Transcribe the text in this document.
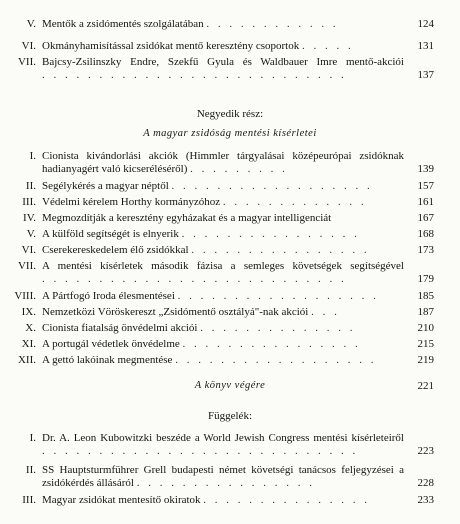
V. Mentők a zsidómentés szolgálatában . . . . . . . . . . . .	124
VI. Okmányhamisítással zsidókat mentő keresztény csoportok . . . . .	131
VII. Bajcsy-Zsilinszky Endre, Szekfű Gyula és Waldbauer Imre mentő-akciói . . . . . . . . . . . . . . . . . . . . . . . . . . .	137
Negyedik rész:
A magyar zsidóság mentési kísérletei
I. Cionista kivándorlási akciók (Himmler tárgyalásai középeurópai zsidóknak hadianyagért való kicseréléséről) . . . . . . . . .	139
II. Segélykérés a magyar néptől . . . . . . . . . . . . . . . . . .	157
III. Védelmi kérelem Horthy kormányzóhoz . . . . . . . . . . . . .	161
IV. Megmozdítják a keresztény egyházakat és a magyar intelligenciát	167
V. A külföld segítségét is elnyerik . . . . . . . . . . . . . . . .	168
VI. Cserekereskedelem élő zsidókkal . . . . . . . . . . . . . . . .	173
VII. A mentési kísérletek második fázisa a semleges követségek segítségével . . . . . . . . . . . . . . . . . . . . . . . . . . .	179
VIII. A Pártfogó Iroda élesmentései . . . . . . . . . . . . . . . . . .	185
IX. Nemzetközi Vöröskereszt „Zsidómentő osztályá"-nak akciói . . .	187
X. Cionista fiatalság önvédelmi akciói . . . . . . . . . . . . . .	210
XI. A portugál védetlek önvédelme . . . . . . . . . . . . . . . .	215
XII. A gettó lakóinak megmentése . . . . . . . . . . . . . . . . . .	219
A könyv végére	221
Függelék:
I. Dr. A. Leon Kubowitzki beszéde a World Jewish Congress mentési kísérleteiről . . . . . . . . . . . . . . . . . . . . . . . . . . . .	223
II. SS Hauptsturmführer Grell budapesti német követségi tanácsos feljegyzései a zsidókérdés állásáról . . . . . . . . . . . . . . . .	228
III. Magyar zsidókat mentesítő okiratok . . . . . . . . . . . . . . .	233
